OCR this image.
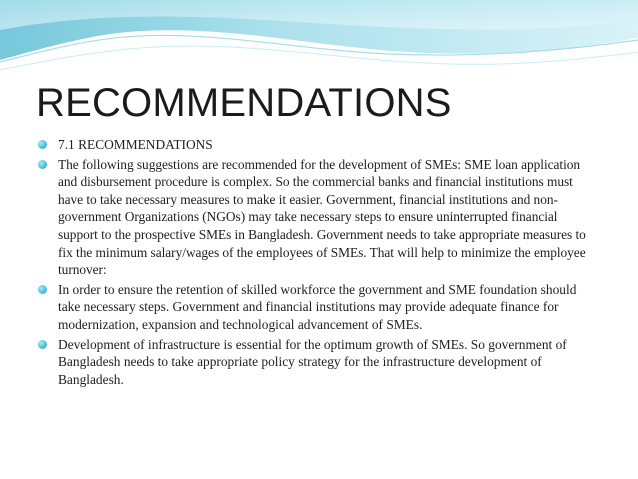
RECOMMENDATIONS
7.1 RECOMMENDATIONS
The following suggestions are recommended for the development of SMEs: SME loan application and disbursement procedure is complex. So the commercial banks and financial institutions must have to take necessary measures to make it easier. Government, financial institutions and non-government Organizations (NGOs) may take necessary steps to ensure uninterrupted financial support to the prospective SMEs in Bangladesh. Government needs to take appropriate measures to fix the minimum salary/wages of the employees of SMEs. That will help to minimize the employee turnover:
In order to ensure the retention of skilled workforce the government and SME foundation should take necessary steps. Government and financial institutions may provide adequate finance for modernization, expansion and technological advancement of SMEs.
Development of infrastructure is essential for the optimum growth of SMEs. So government of Bangladesh needs to take appropriate policy strategy for the infrastructure development of Bangladesh.
